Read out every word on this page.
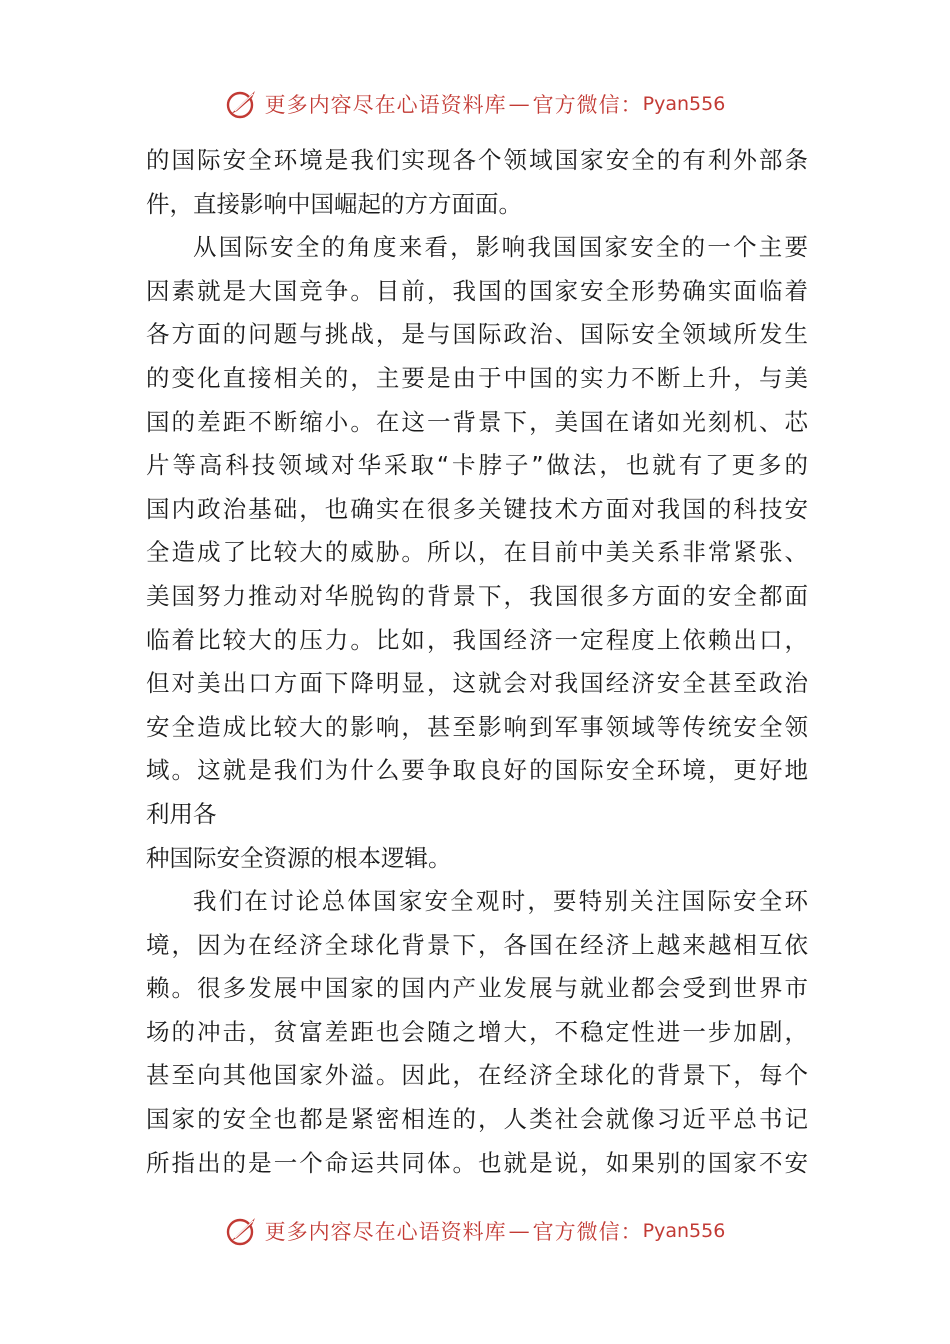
更多内容尽在心语资料库 — 官方微信： Pyan556
的国际安全环境是我们实现各个领域国家安全的有利外部条
件，直接影响中国崛起的方方面面。
从国际安全的角度来看，影响我国国家安全的一个主要
因素就是大国竞争。目前，我国的国家安全形势确实面临着
各方面的问题与挑战，是与国际政治、国际安全领域所发生
的变化直接相关的，主要是由于中国的实力不断上升，与美
国的差距不断缩小。在这一背景下，美国在诸如光刻机、芯
片等高科技领域对华采取“卡脖子”做法，也就有了更多的
国内政治基础，也确实在很多关键技术方面对我国的科技安
全造成了比较大的威胁。所以，在目前中美关系非常紧张、
美国努力推动对华脱钩的背景下，我国很多方面的安全都面
临着比较大的压力。比如，我国经济一定程度上依赖出口，
但对美出口方面下降明显，这就会对我国经济安全甚至政治
安全造成比较大的影响，甚至影响到军事领域等传统安全领
域。这就是我们为什么要争取良好的国际安全环境，更好地
利用各
种国际安全资源的根本逻辑。
我们在讨论总体国家安全观时，要特别关注国际安全环
境，因为在经济全球化背景下，各国在经济上越来越相互依
赖。很多发展中国家的国内产业发展与就业都会受到世界市
场的冲击，贫富差距也会随之增大，不稳定性进一步加剧，
甚至向其他国家外溢。因此，在经济全球化的背景下，每个
国家的安全也都是紧密相连的，人类社会就像习近平总书记
所指出的是一个命运共同体。也就是说，如果别的国家不安
更多内容尽在心语资料库 — 官方微信： Pyan556
